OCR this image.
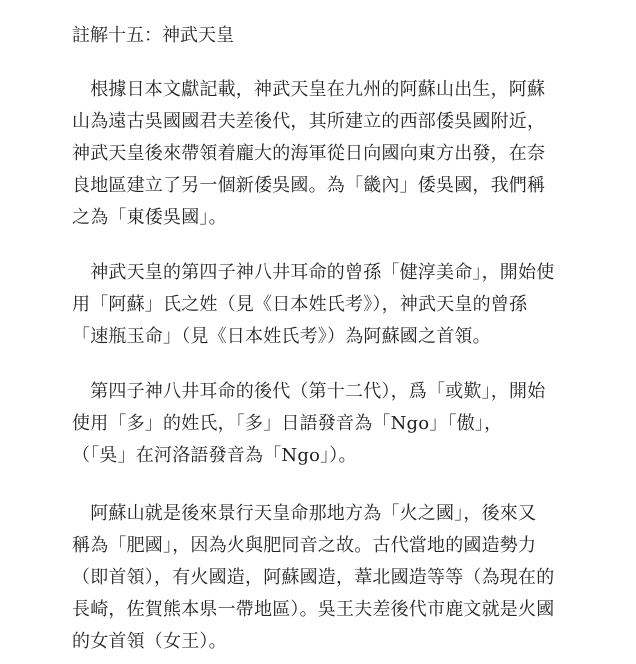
註解十五：神武天皇

　根據日本文獻記載，神武天皇在九州的阿蘇山出生，阿蘇
山為遠古吳國國君夫差後代，其所建立的西部倭吳國附近，
神武天皇後來帶領着龐大的海軍從日向國向東方出發，在奈
良地區建立了另一個新倭吳國。為「畿內」倭吳國，我們稱
之為「東倭吳國」。

　神武天皇的第四子神八井耳命的曾孫「健淳美命」，開始使
用「阿蘇」氏之姓（見《日本姓氏考》），神武天皇的曾孫
「速瓶玉命」（見《日本姓氏考》）為阿蘇國之首領。

　第四子神八井耳命的後代（第十二代），爲「或歎」，開始
使用「多」的姓氏，「多」日語發音為「Ngo」「傲」，
（「吳」在河洛語發音為「Ngo」）。

　阿蘇山就是後來景行天皇命那地方為「火之國」，後來又
稱為「肥國」，因為火與肥同音之故。古代當地的國造勢力
（即首領），有火國造，阿蘇國造，葦北國造等等（為現在的
長崎，佐賀熊本県一帶地區）。吳王夫差後代市鹿文就是火國
的女首領（女王）。
